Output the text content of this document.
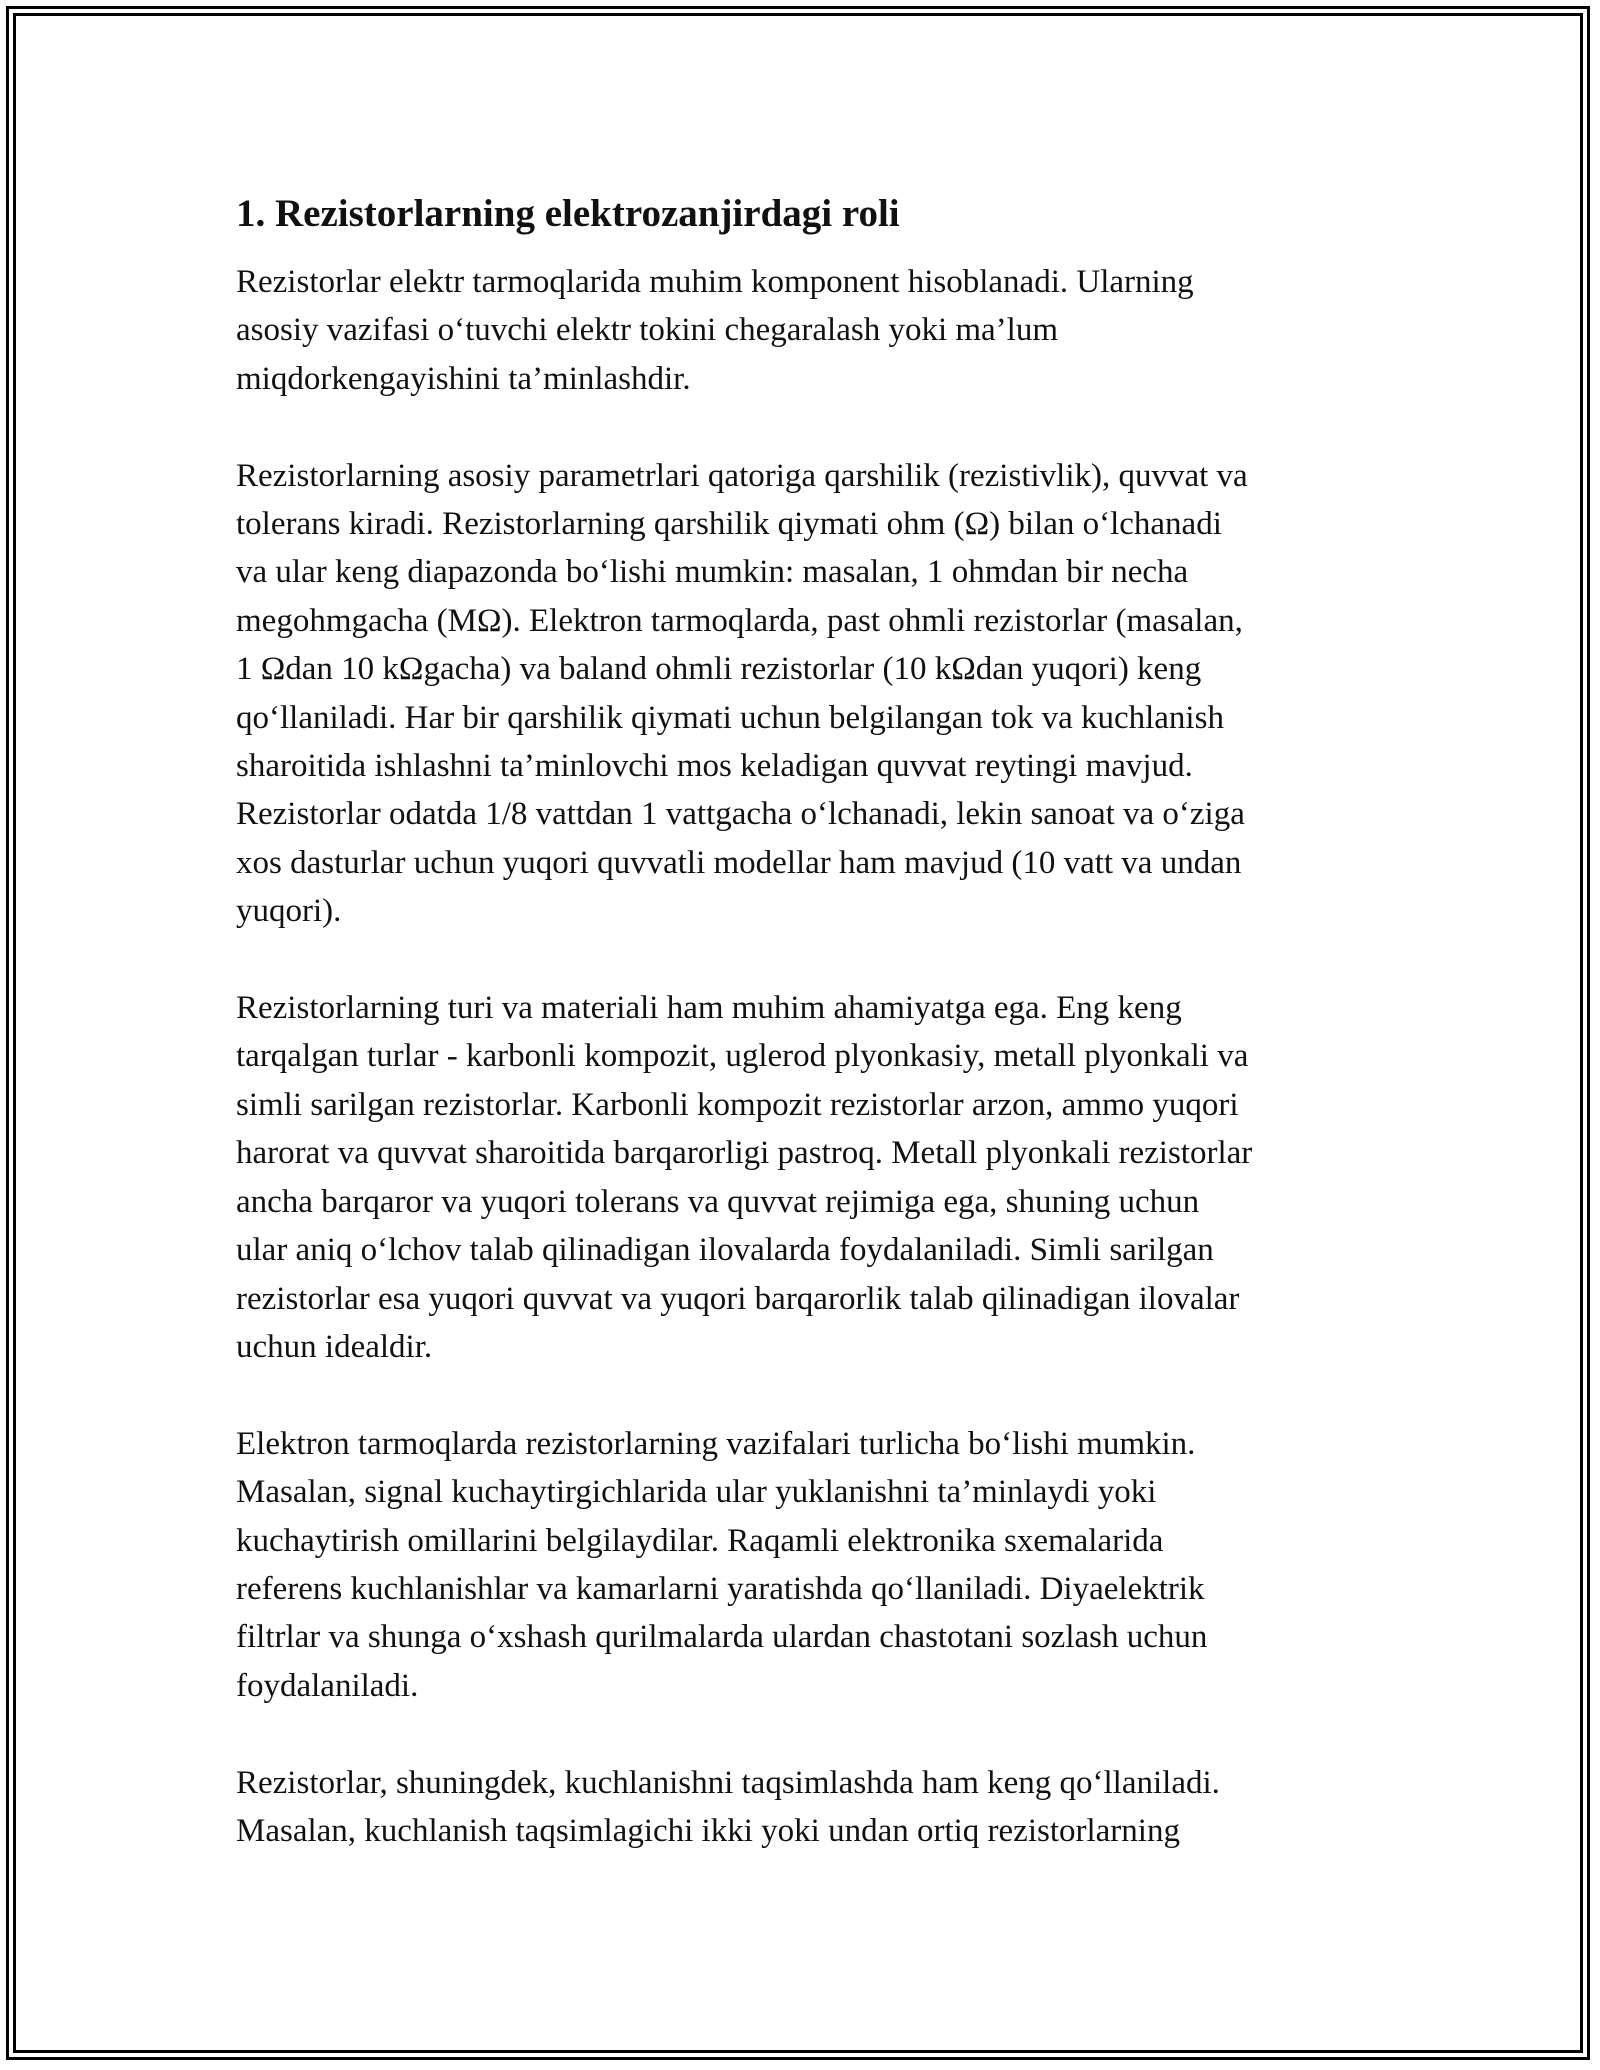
1. Rezistorlarning elektrozanjirdagi roli
Rezistorlar elektr tarmoqlarida muhim komponent hisoblanadi. Ularning
asosiy vazifasi o‘tuvchi elektr tokini chegaralash yoki ma’lum
miqdorkengayishini ta’minlashdir.
Rezistorlarning asosiy parametrlari qatoriga qarshilik (rezistivlik), quvvat va
tolerans kiradi. Rezistorlarning qarshilik qiymati ohm (Ω) bilan o‘lchanadi
va ular keng diapazonda bo‘lishi mumkin: masalan, 1 ohmdan bir necha
megohmgacha (MΩ). Elektron tarmoqlarda, past ohmli rezistorlar (masalan,
1 Ωdan 10 kΩgacha) va baland ohmli rezistorlar (10 kΩdan yuqori) keng
qo‘llaniladi. Har bir qarshilik qiymati uchun belgilangan tok va kuchlanish
sharoitida ishlashni ta’minlovchi mos keladigan quvvat reytingi mavjud.
Rezistorlar odatda 1/8 vattdan 1 vattgacha o‘lchanadi, lekin sanoat va o‘ziga
xos dasturlar uchun yuqori quvvatli modellar ham mavjud (10 vatt va undan
yuqori).
Rezistorlarning turi va materiali ham muhim ahamiyatga ega. Eng keng
tarqalgan turlar - karbonli kompozit, uglerod plyonkasiy, metall plyonkali va
simli sarilgan rezistorlar. Karbonli kompozit rezistorlar arzon, ammo yuqori
harorat va quvvat sharoitida barqarorligi pastroq. Metall plyonkali rezistorlar
ancha barqaror va yuqori tolerans va quvvat rejimiga ega, shuning uchun
ular aniq o‘lchov talab qilinadigan ilovalarda foydalaniladi. Simli sarilgan
rezistorlar esa yuqori quvvat va yuqori barqarorlik talab qilinadigan ilovalar
uchun idealdir.
Elektron tarmoqlarda rezistorlarning vazifalari turlicha bo‘lishi mumkin.
Masalan, signal kuchaytirgichlarida ular yuklanishni ta’minlaydi yoki
kuchaytirish omillarini belgilaydilar. Raqamli elektronika sxemalarida
referens kuchlanishlar va kamarlarni yaratishda qo‘llaniladi. Diyaelektrik
filtrlar va shunga o‘xshash qurilmalarda ulardan chastotani sozlash uchun
foydalaniladi.
Rezistorlar, shuningdek, kuchlanishni taqsimlashda ham keng qo‘llaniladi.
Masalan, kuchlanish taqsimlagichi ikki yoki undan ortiq rezistorlarning
